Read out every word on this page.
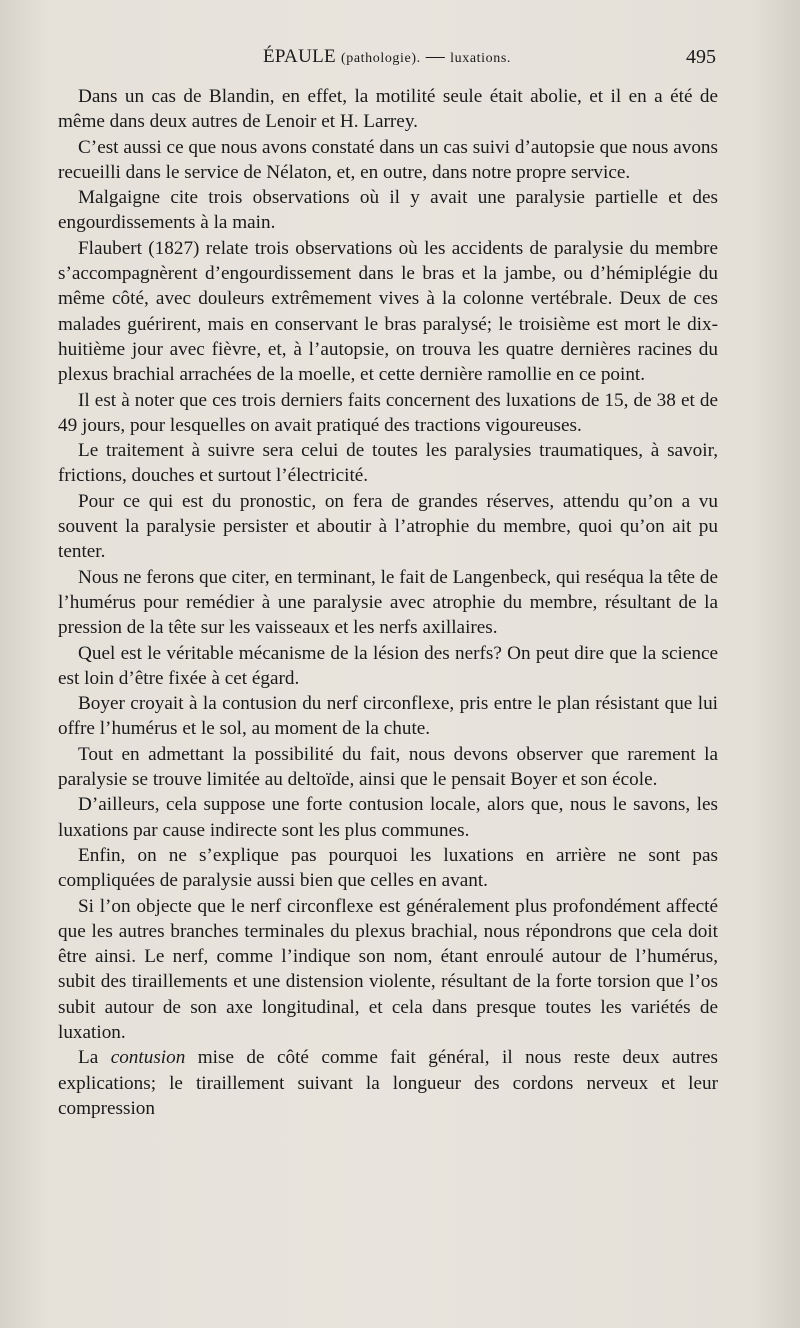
ÉPAULE (pathologie). — luxations.	495

Dans un cas de Blandin, en effet, la motilité seule était abolie, et il en a été de même dans deux autres de Lenoir et H. Larrey.

C’est aussi ce que nous avons constaté dans un cas suivi d’autopsie que nous avons recueilli dans le service de Nélaton, et, en outre, dans notre propre service.

Malgaigne cite trois observations où il y avait une paralysie partielle et des engourdissements à la main.

Flaubert (1827) relate trois observations où les accidents de paralysie du membre s’accompagnèrent d’engourdissement dans le bras et la jambe, ou d’hémiplégie du même côté, avec douleurs extrêmement vives à la colonne vertébrale. Deux de ces malades guérirent, mais en conservant le bras paralysé; le troisième est mort le dix-huitième jour avec fièvre, et, à l’autopsie, on trouva les quatre dernières racines du plexus brachial arrachées de la moelle, et cette dernière ramollie en ce point.

Il est à noter que ces trois derniers faits concernent des luxations de 15, de 38 et de 49 jours, pour lesquelles on avait pratiqué des tractions vigoureuses.

Le traitement à suivre sera celui de toutes les paralysies traumatiques, à savoir, frictions, douches et surtout l’électricité.

Pour ce qui est du pronostic, on fera de grandes réserves, attendu qu’on a vu souvent la paralysie persister et aboutir à l’atrophie du membre, quoi qu’on ait pu tenter.

Nous ne ferons que citer, en terminant, le fait de Langenbeck, qui reséqua la tête de l’humérus pour remédier à une paralysie avec atrophie du membre, résultant de la pression de la tête sur les vaisseaux et les nerfs axillaires.

Quel est le véritable mécanisme de la lésion des nerfs? On peut dire que la science est loin d’être fixée à cet égard.

Boyer croyait à la contusion du nerf circonflexe, pris entre le plan résistant que lui offre l’humérus et le sol, au moment de la chute.

Tout en admettant la possibilité du fait, nous devons observer que rarement la paralysie se trouve limitée au deltoïde, ainsi que le pensait Boyer et son école.

D’ailleurs, cela suppose une forte contusion locale, alors que, nous le savons, les luxations par cause indirecte sont les plus communes.

Enfin, on ne s’explique pas pourquoi les luxations en arrière ne sont pas compliquées de paralysie aussi bien que celles en avant.

Si l’on objecte que le nerf circonflexe est généralement plus profondément affecté que les autres branches terminales du plexus brachial, nous répondrons que cela doit être ainsi. Le nerf, comme l’indique son nom, étant enroulé autour de l’humérus, subit des tiraillements et une distension violente, résultant de la forte torsion que l’os subit autour de son axe longitudinal, et cela dans presque toutes les variétés de luxation.

La contusion mise de côté comme fait général, il nous reste deux autres explications; le tiraillement suivant la longueur des cordons nerveux et leur compression
